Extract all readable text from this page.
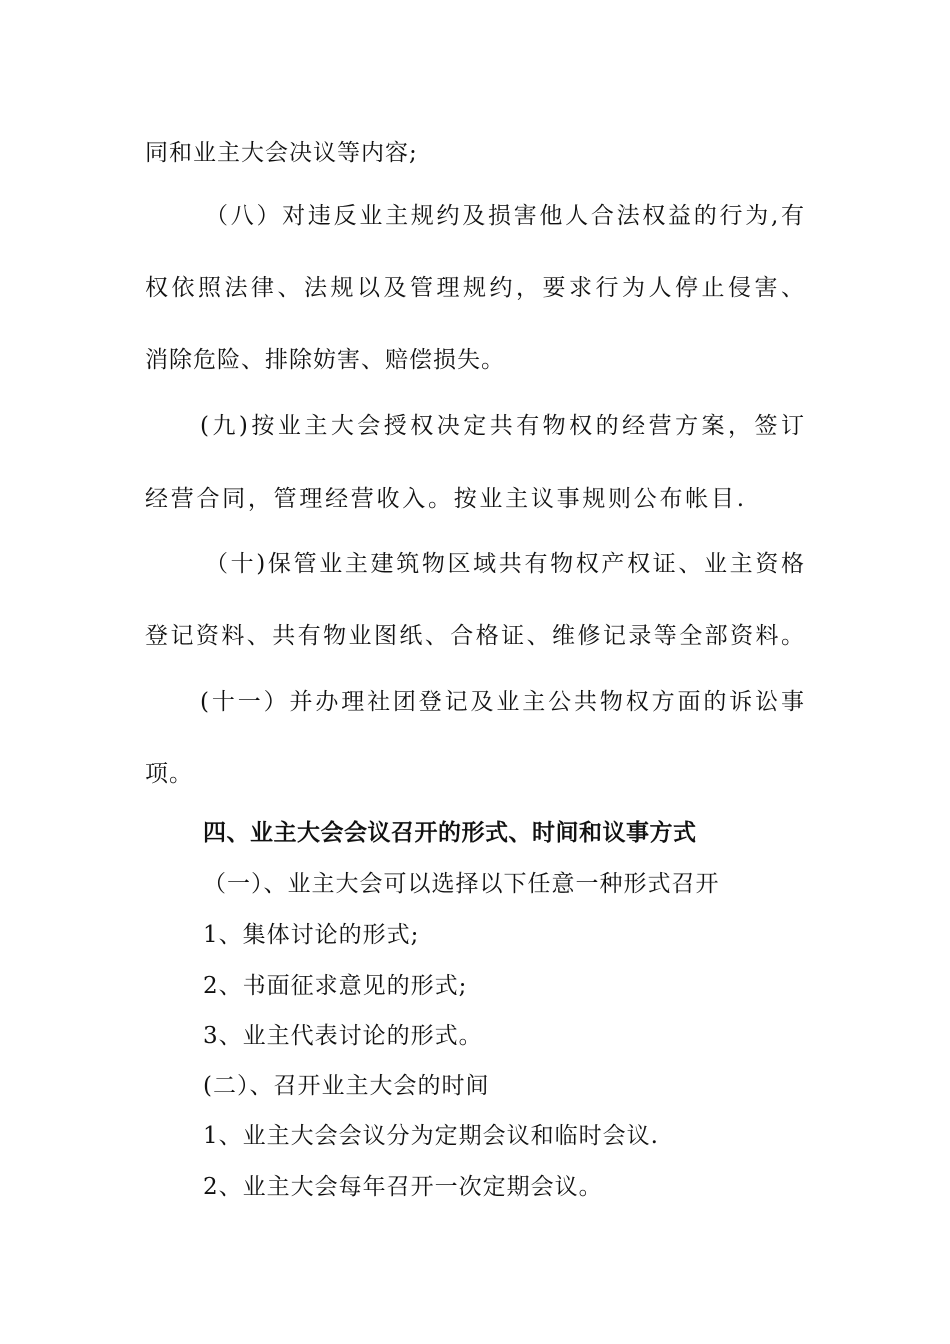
同和业主大会决议等内容;
（八）对违反业主规约及损害他人合法权益的行为,有
权依照法律、法规以及管理规约，要求行为人停止侵害、
消除危险、排除妨害、赔偿损失。
(九)按业主大会授权决定共有物权的经营方案，签订
经营合同，管理经营收入。按业主议事规则公布帐目.
（十)保管业主建筑物区域共有物权产权证、业主资格
登记资料、共有物业图纸、合格证、维修记录等全部资料。
(十一）并办理社团登记及业主公共物权方面的诉讼事
项。
四、业主大会会议召开的形式、时间和议事方式
（一）、业主大会可以选择以下任意一种形式召开
1、集体讨论的形式;
2、书面征求意见的形式;
3、业主代表讨论的形式。
(二）、召开业主大会的时间
1、业主大会会议分为定期会议和临时会议.
2、业主大会每年召开一次定期会议。
